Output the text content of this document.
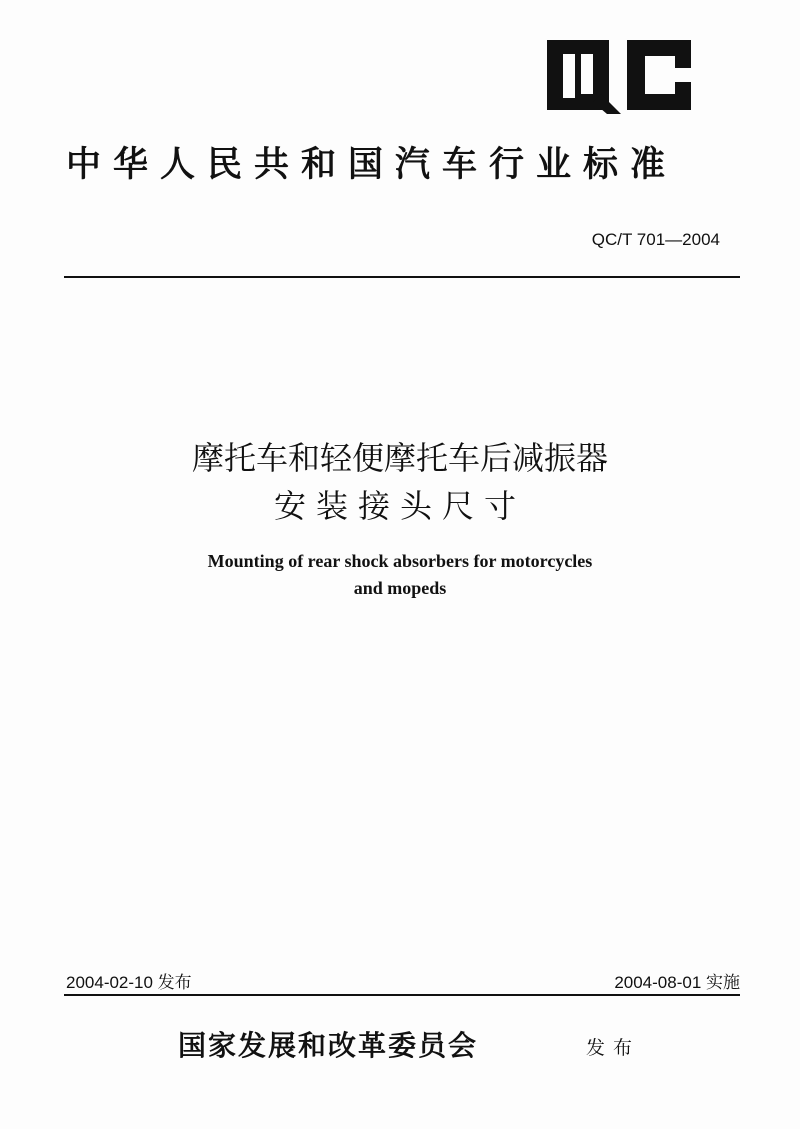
中华人民共和国汽车行业标准
QC/T 701—2004
摩托车和轻便摩托车后减振器
安装接头尺寸
Mounting of rear shock absorbers for motorcycles
and mopeds
2004-02-10 发布	2004-08-01 实施
国家发展和改革委员会	发布
